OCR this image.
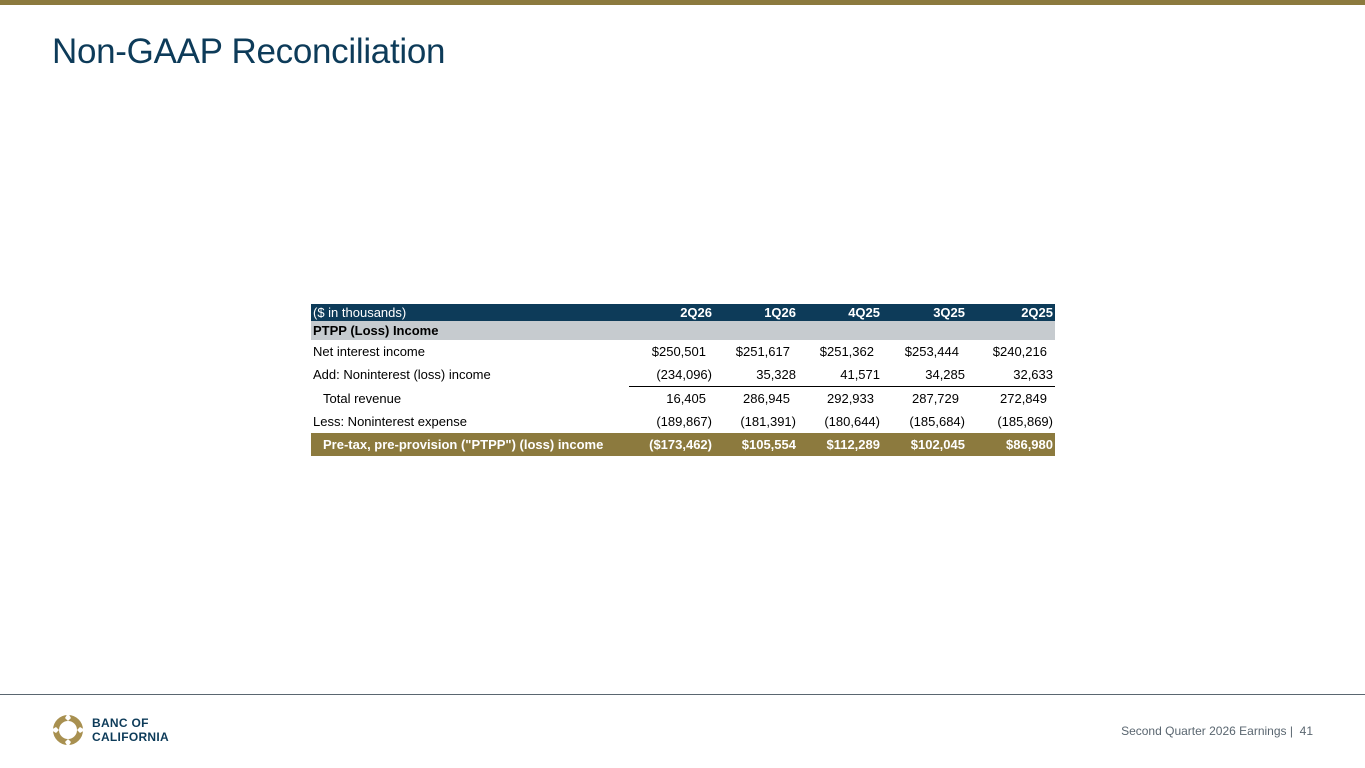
Non-GAAP Reconciliation
($ in thousands)	2Q26	1Q26	4Q25	3Q25	2Q25
PTPP (Loss) Income					
Net interest income	$250,501	$251,617	$251,362	$253,444	$240,216
Add: Noninterest (loss) income	(234,096)	35,328	41,571	34,285	32,633
Total revenue	16,405	286,945	292,933	287,729	272,849
Less: Noninterest expense	(189,867)	(181,391)	(180,644)	(185,684)	(185,869)
Pre-tax, pre-provision ("PTPP") (loss) income	($173,462)	$105,554	$112,289	$102,045	$86,980
BANC OF
CALIFORNIA	Second Quarter 2026 Earnings | 41
